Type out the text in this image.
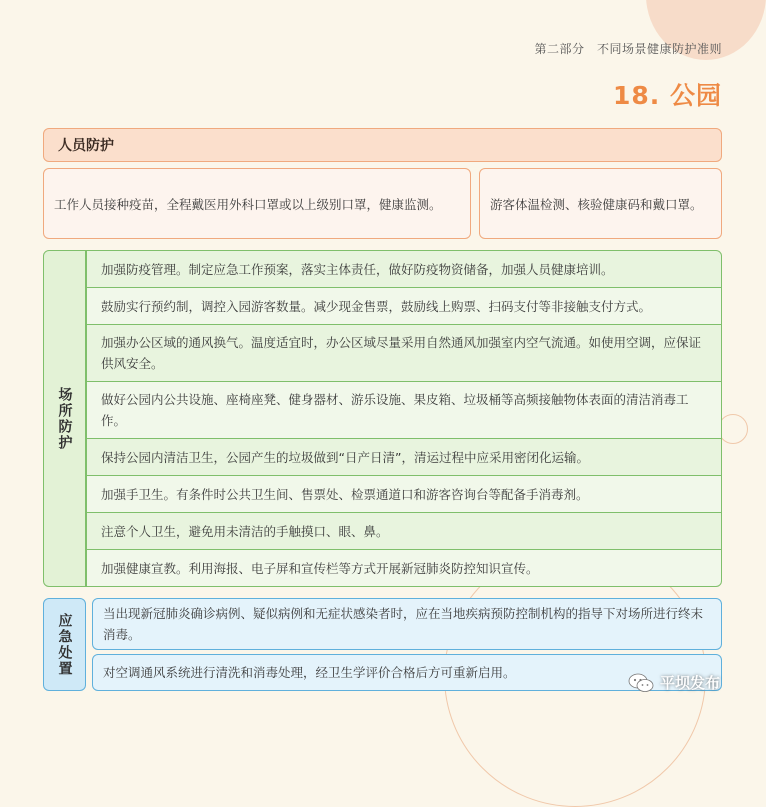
第二部分　不同场景健康防护准则
18. 公园
人员防护
工作人员接种疫苗，全程戴医用外科口罩或以上级别口罩，健康监测。	游客体温检测、核验健康码和戴口罩。
场所防护
加强防疫管理。制定应急工作预案，落实主体责任，做好防疫物资储备，加强人员健康培训。
鼓励实行预约制，调控入园游客数量。减少现金售票，鼓励线上购票、扫码支付等非接触支付方式。
加强办公区域的通风换气。温度适宜时，办公区域尽量采用自然通风加强室内空气流通。如使用空调，应保证供风安全。
做好公园内公共设施、座椅座凳、健身器材、游乐设施、果皮箱、垃圾桶等高频接触物体表面的清洁消毒工作。
保持公园内清洁卫生，公园产生的垃圾做到“日产日清”，清运过程中应采用密闭化运输。
加强手卫生。有条件时公共卫生间、售票处、检票通道口和游客咨询台等配备手消毒剂。
注意个人卫生，避免用未清洁的手触摸口、眼、鼻。
加强健康宣教。利用海报、电子屏和宣传栏等方式开展新冠肺炎防控知识宣传。
应急处置 当出现新冠肺炎确诊病例、疑似病例和无症状感染者时，应在当地疾病预防控制机构的指导下对场所进行终末消毒。
对空调通风系统进行清洗和消毒处理，经卫生学评价合格后方可重新启用。
平坝发布
